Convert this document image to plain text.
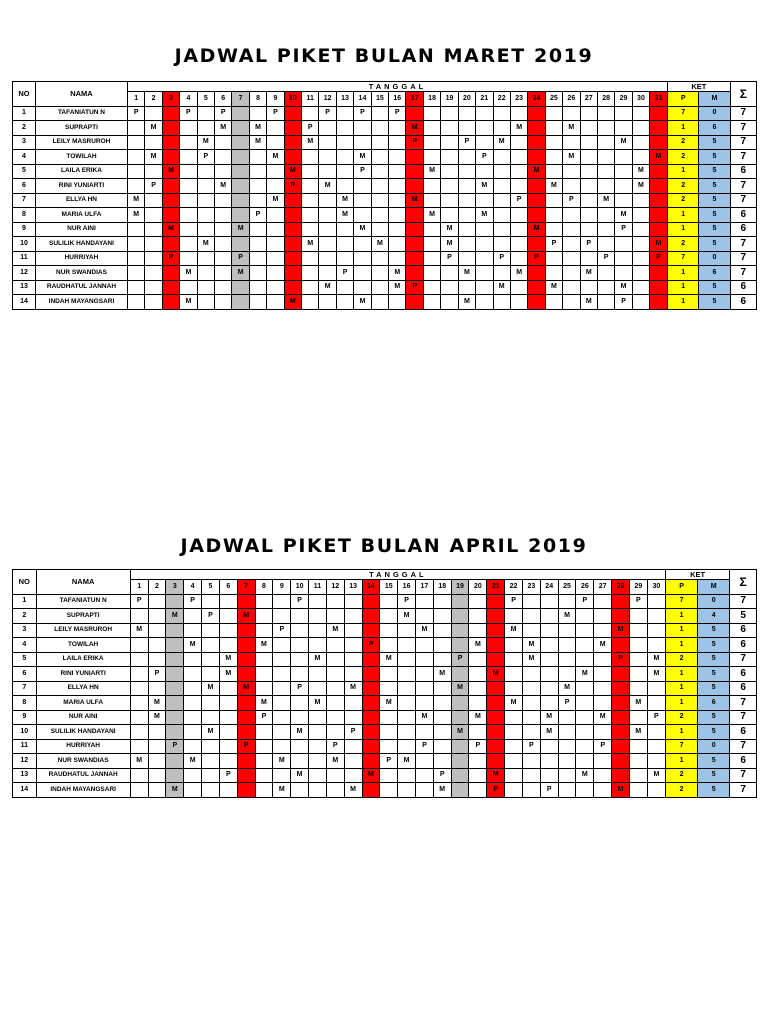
JADWAL PIKET BULAN MARET 2019
NO	NAMA	TANGGAL																															KET		Σ
		1	2	3	4	5	6	7	8	9	10	11	12	13	14	15	16	17	18	19	20	21	22	23	24	25	26	27	28	29	30	31	P	M	
1	TAFANIATUN N	P			P		P			P			P		P		P																7	0	7
2	SUPRAPTI		M				M		M			P						M						M			M						1	6	7
3	LEILY MASRUROH					M			M			M						P			P		M							M			2	5	7
4	TOWILAH		M			P				M					M							P					M					M	2	5	7
5	LAILA ERIKA			M							M				P				M						M						M		1	5	6
6	RINI YUNIARTI		P				M				P		M									M				M					M		2	5	7
7	ELLYA HN	M								M				M				M						P			P		M				2	5	7
8	MARIA ULFA	M							P					M					M			M								M			1	5	6
9	NUR AINI			M				M							M					M					M					P			1	5	6
10	SULILIK HANDAYANI					M						M				M				M						P		P				M	2	5	7
11	HURRIYAH			P				P												P			P		P				P			P	7	0	7
12	NUR SWANDIAS				M			M						P			M				M			M				M					1	6	7
13	RAUDHATUL JANNAH												M				M	P					M			M				M			1	5	6
14	INDAH MAYANGSARI				M						M				M						M							M		P			1	5	6
JADWAL PIKET BULAN APRIL 2019
NO	NAMA	TANGGAL																														KET		Σ
		1	2	3	4	5	6	7	8	9	10	11	12	13	14	15	16	17	18	19	20	21	22	23	24	25	26	27	28	29	30	P	M	
1	TAFANIATUN N	P			P						P						P						P				P			P		7	0	7
2	SUPRAPTI			M		P		M									M									M						1	4	5
3	LEILY MASRUROH	M								P			M					M					M						M			1	5	6
4	TOWILAH				M				M						P						M			M				M				1	5	6
5	LAILA ERIKA						M					M				M				P				M					P		M	2	5	7
6	RINI YUNIARTI		P				M												M			M					M				M	1	5	6
7	ELLYA HN					M		M			P			M						M						M						1	5	6
8	MARIA ULFA		M						M			M				M							M			P				M		1	6	7
9	NUR AINI		M						P									M			M				M			M			P	2	5	7
10	SULILIK HANDAYANI					M					M			P						M					M					M		1	5	6
11	HURRIYAH			P				P					P					P			P			P				P				7	0	7
12	NUR SWANDIAS	M			M					M			M			P	M															1	5	6
13	RAUDHATUL JANNAH						P				M				M				P			M					M				M	2	5	7
14	INDAH MAYANGSARI			M						M				M					M			P			P				M			2	5	7
